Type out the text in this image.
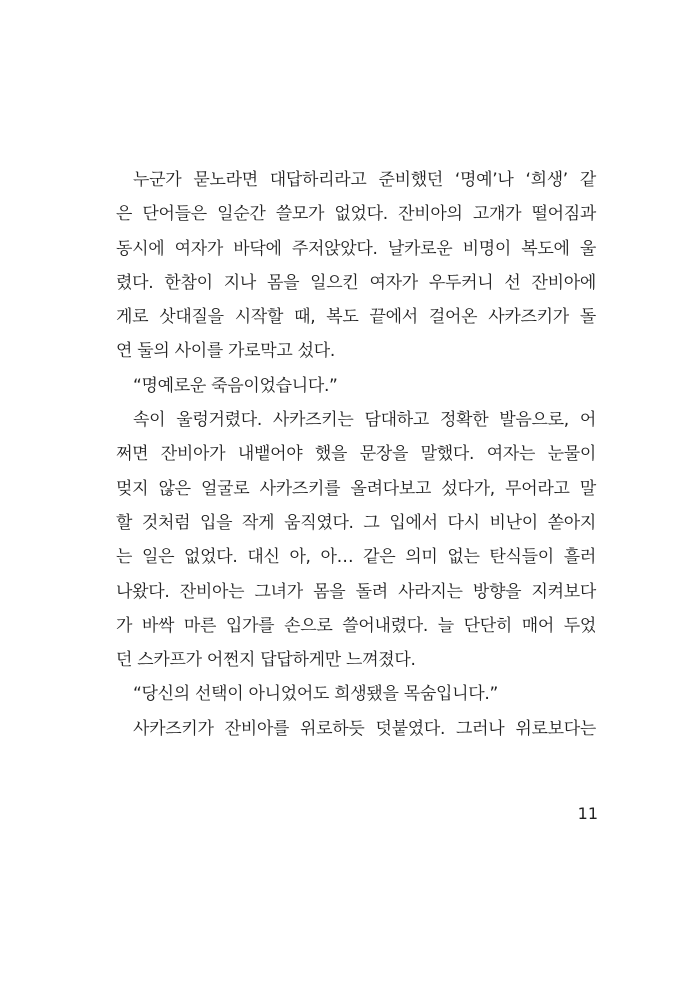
누군가 묻노라면 대답하리라고 준비했던 ‘명예’나 ‘희생’ 같
은 단어들은 일순간 쓸모가 없었다. 잔비아의 고개가 떨어짐과
동시에 여자가 바닥에 주저앉았다. 날카로운 비명이 복도에 울
렸다. 한참이 지나 몸을 일으킨 여자가 우두커니 선 잔비아에
게로 삿대질을 시작할 때, 복도 끝에서 걸어온 사카즈키가 돌
연 둘의 사이를 가로막고 섰다.
“명예로운 죽음이었습니다.”
속이 울렁거렸다. 사카즈키는 담대하고 정확한 발음으로, 어
쩌면 잔비아가 내뱉어야 했을 문장을 말했다. 여자는 눈물이
멎지 않은 얼굴로 사카즈키를 올려다보고 섰다가, 무어라고 말
할 것처럼 입을 작게 움직였다. 그 입에서 다시 비난이 쏟아지
는 일은 없었다. 대신 아, 아… 같은 의미 없는 탄식들이 흘러
나왔다. 잔비아는 그녀가 몸을 돌려 사라지는 방향을 지켜보다
가 바싹 마른 입가를 손으로 쓸어내렸다. 늘 단단히 매어 두었
던 스카프가 어쩐지 답답하게만 느껴졌다.
“당신의 선택이 아니었어도 희생됐을 목숨입니다.”
사카즈키가 잔비아를 위로하듯 덧붙였다. 그러나 위로보다는
11
